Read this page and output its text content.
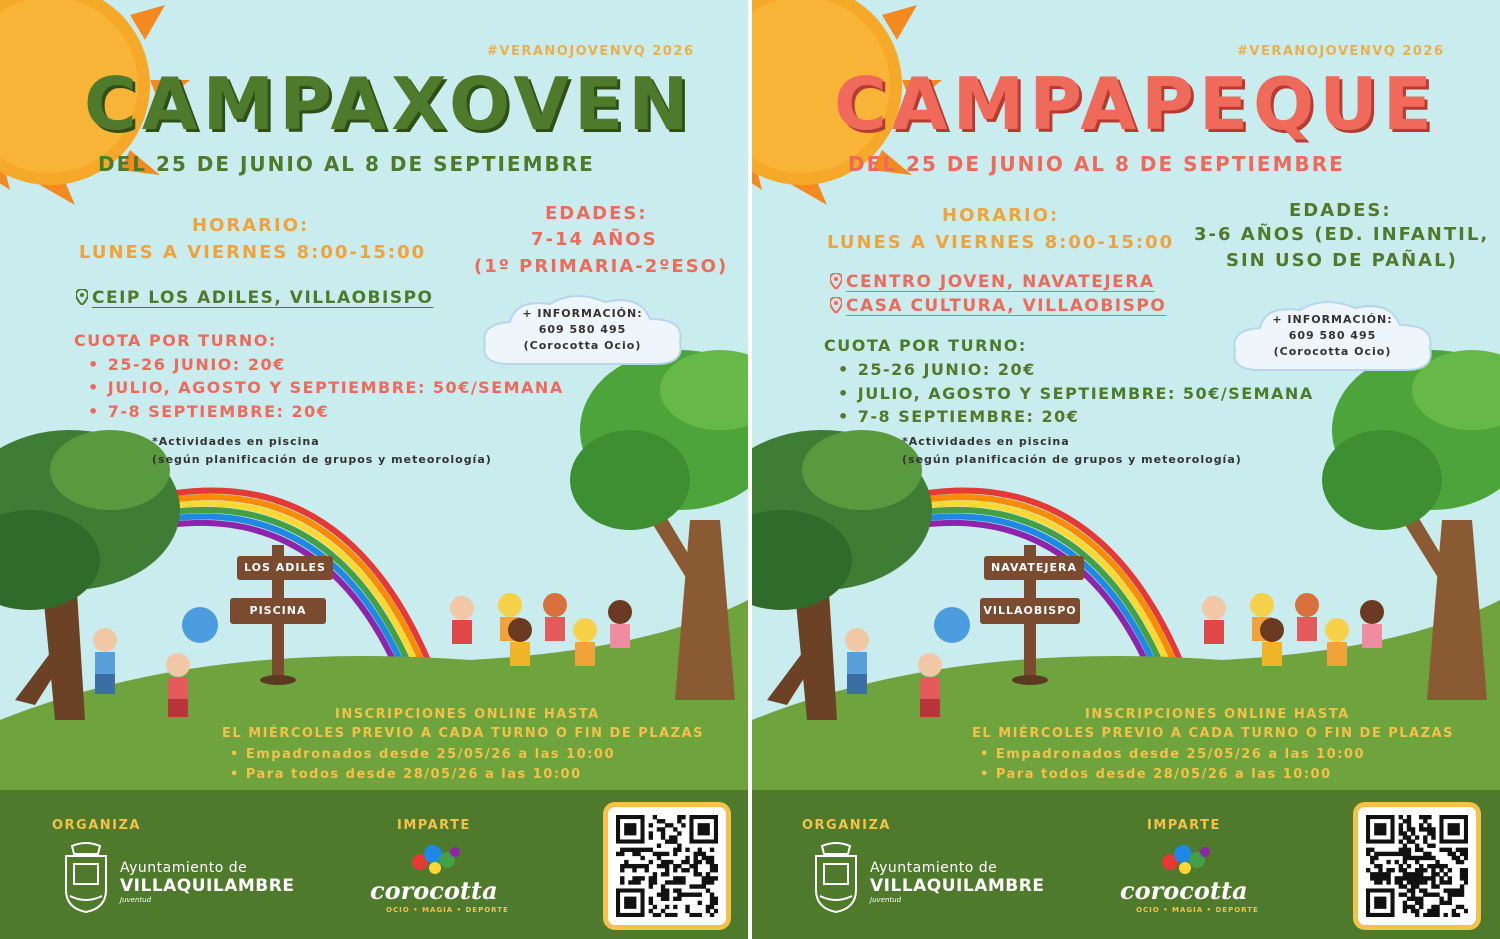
#VERANOJOVENVQ 2026
CAMPAXOVEN
DEL 25 DE JUNIO AL 8 DE SEPTIEMBRE
HORARIO:
LUNES A VIERNES 8:00-15:00
EDADES:
7-14 AÑOS
(1º PRIMARIA-2ºESO)
CEIP LOS ADILES, VILLAOBISPO
+ INFORMACIÓN:
609 580 495
(Corocotta Ocio)
CUOTA POR TURNO:
• 25-26 JUNIO: 20€
• JULIO, AGOSTO Y SEPTIEMBRE: 50€/SEMANA
• 7-8 SEPTIEMBRE: 20€
*Actividades en piscina
(según planificación de grupos y meteorología)
LOS ADILES
PISCINA
INSCRIPCIONES ONLINE HASTA
EL MIÉRCOLES PREVIO A CADA TURNO O FIN DE PLAZAS
• Empadronados desde 25/05/26 a las 10:00
• Para todos desde 28/05/26 a las 10:00
ORGANIZA	IMPARTE
Ayuntamiento de
VILLAQUILAMBRE
Juventud	corocotta
OCIO • MAGIA • DEPORTE
#VERANOJOVENVQ 2026
CAMPAPEQUE
DEL 25 DE JUNIO AL 8 DE SEPTIEMBRE
HORARIO:
LUNES A VIERNES 8:00-15:00
EDADES:
3-6 AÑOS (ED. INFANTIL,
SIN USO DE PAÑAL)
CENTRO JOVEN, NAVATEJERA
CASA CULTURA, VILLAOBISPO
+ INFORMACIÓN:
609 580 495
(Corocotta Ocio)
CUOTA POR TURNO:
• 25-26 JUNIO: 20€
• JULIO, AGOSTO Y SEPTIEMBRE: 50€/SEMANA
• 7-8 SEPTIEMBRE: 20€
*Actividades en piscina
(según planificación de grupos y meteorología)
NAVATEJERA
VILLAOBISPO
INSCRIPCIONES ONLINE HASTA
EL MIÉRCOLES PREVIO A CADA TURNO O FIN DE PLAZAS
• Empadronados desde 25/05/26 a las 10:00
• Para todos desde 28/05/26 a las 10:00
ORGANIZA	IMPARTE
Ayuntamiento de
VILLAQUILAMBRE
Juventud	corocotta
OCIO • MAGIA • DEPORTE
